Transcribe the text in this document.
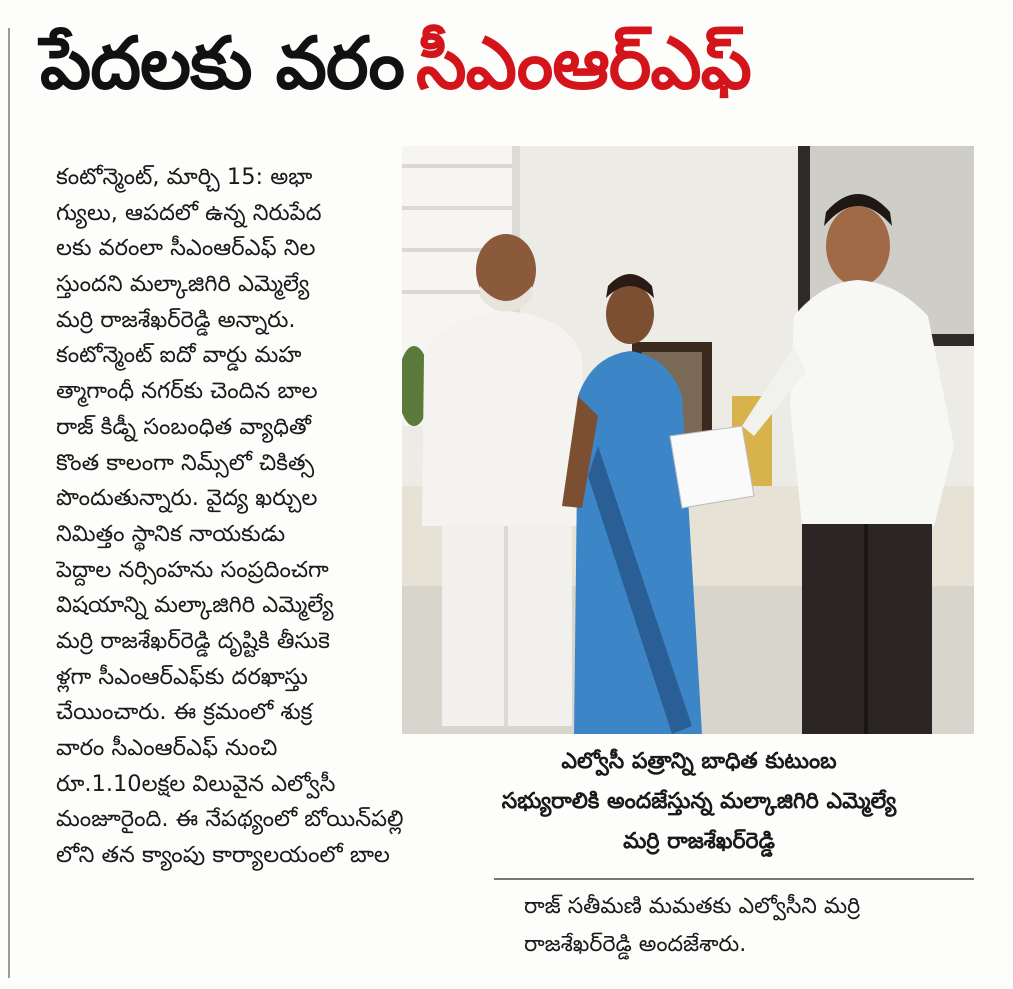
పేదలకు వరం సీఎంఆర్ఎఫ్
కంటోన్మెంట్, మార్చి 15: అభా
గ్యులు, ఆపదలో ఉన్న నిరుపేద
లకు వరంలా సీఎంఆర్ఎఫ్ నిల
స్తుందని మల్కాజిగిరి ఎమ్మెల్యే
మర్రి రాజశేఖర్‌రెడ్డి అన్నారు.
కంటోన్మెంట్ ఐదో వార్డు మహ
త్మాగాంధీ నగర్‌కు చెందిన బాల
రాజ్ కిడ్నీ సంబంధిత వ్యాధితో
కొంత కాలంగా నిమ్స్‌లో చికిత్స
పొందుతున్నారు. వైద్య ఖర్చుల
నిమిత్తం స్థానిక నాయకుడు
పెద్దాల నర్సింహను సంప్రదించగా
విషయాన్ని మల్కాజిగిరి ఎమ్మెల్యే
మర్రి రాజశేఖర్‌రెడ్డి దృష్టికి తీసుకె
ళ్లగా సీఎంఆర్ఎఫ్‌కు దరఖాస్తు
చేయించారు. ఈ క్రమంలో శుక్ర
వారం సీఎంఆర్ఎఫ్ నుంచి
రూ.1.10లక్షల విలువైన ఎల్వోసీ
మంజూరైంది. ఈ నేపథ్యంలో బోయిన్‌పల్లి
లోని తన క్యాంపు కార్యాలయంలో బాల
ఎల్వోసీ పత్రాన్ని బాధిత కుటుంబ
సభ్యురాలికి అందజేస్తున్న మల్కాజిగిరి ఎమ్మెల్యే
మర్రి రాజశేఖర్‌రెడ్డి
రాజ్ సతీమణి మమతకు ఎల్వోసీని మర్రి
రాజశేఖర్‌రెడ్డి అందజేశారు.
